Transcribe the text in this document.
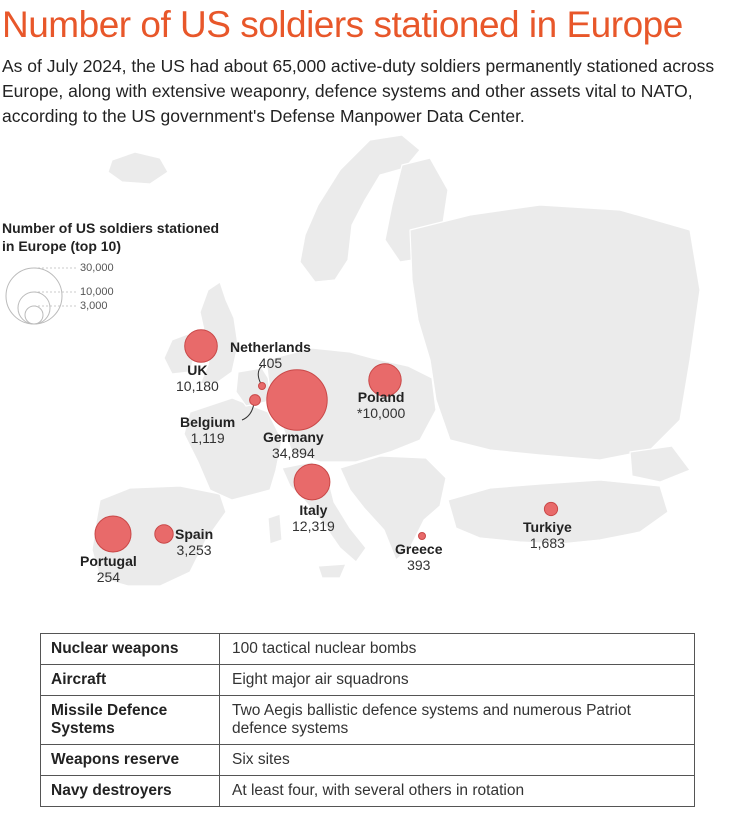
Number of US soldiers stationed in Europe

As of July 2024, the US had about 65,000 active-duty soldiers permanently stationed across Europe, along with extensive weaponry, defence systems and other assets vital to NATO, according to the US government's Defense Manpower Data Center.

Number of US soldiers stationed in Europe (top 10)
30,000
10,000
3,000
UK
10,180
Netherlands
405
Belgium
1,119	Germany
34,894
Poland
*10,000
Italy
12,319
Spain
3,253
Portugal
254
Greece
393
Turkiye
1,683
Nuclear weapons	100 tactical nuclear bombs
Aircraft	Eight major air squadrons
Missile Defence Systems	Two Aegis ballistic defence systems and numerous Patriot defence systems
Weapons reserve	Six sites
Navy destroyers	At least four, with several others in rotation
